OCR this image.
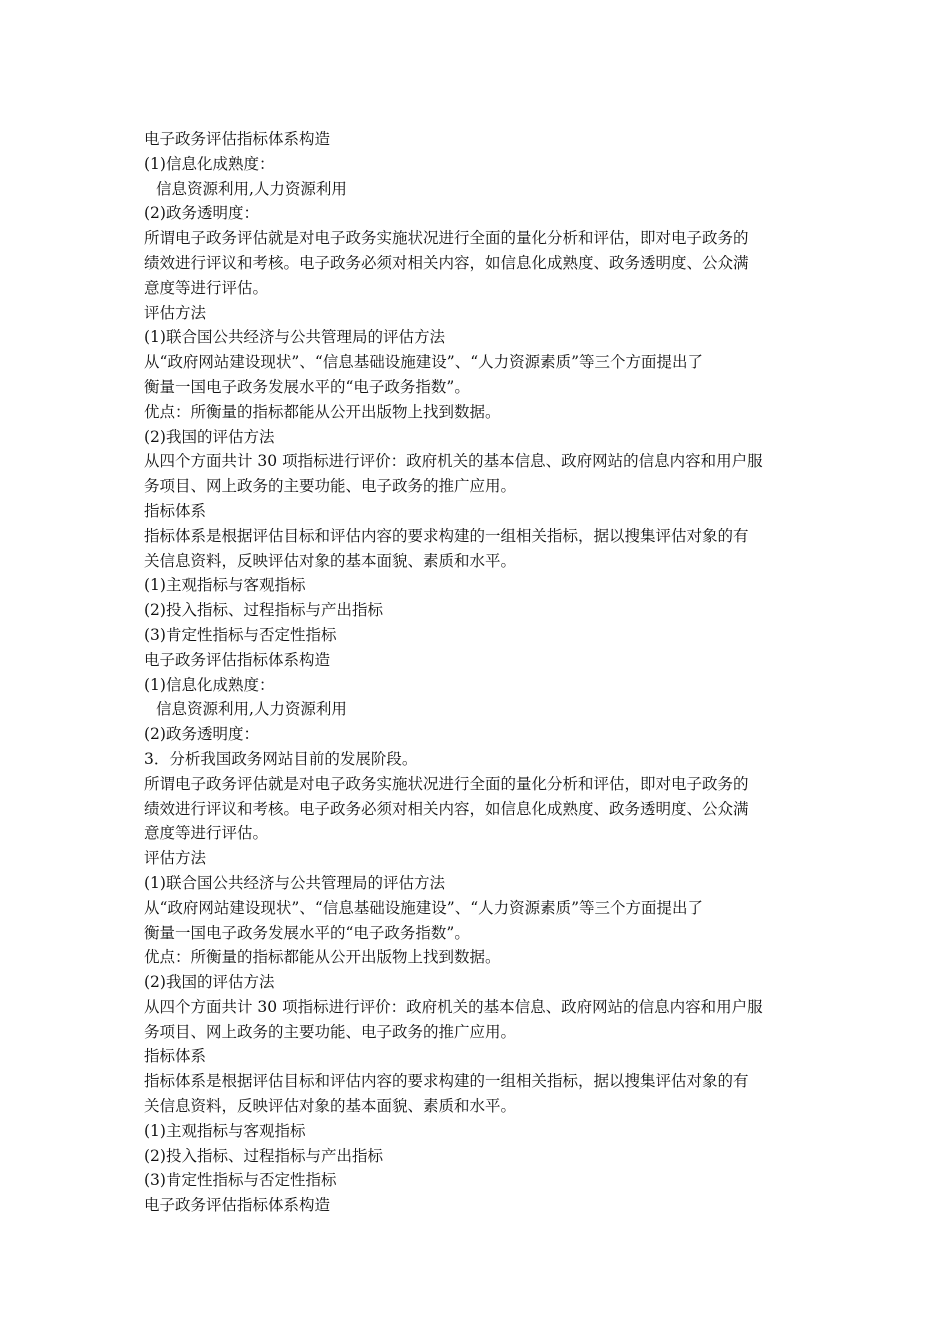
电子政务评估指标体系构造
(1)信息化成熟度：
信息资源利用,人力资源利用
(2)政务透明度：
所谓电子政务评估就是对电子政务实施状况进行全面的量化分析和评估，即对电子政务的
绩效进行评议和考核。电子政务必须对相关内容，如信息化成熟度、政务透明度、公众满
意度等进行评估。
评估方法
(1)联合国公共经济与公共管理局的评估方法
从“政府网站建设现状”、“信息基础设施建设”、“人力资源素质”等三个方面提出了
衡量一国电子政务发展水平的“电子政务指数”。
优点：所衡量的指标都能从公开出版物上找到数据。
(2)我国的评估方法
从四个方面共计 30 项指标进行评价：政府机关的基本信息、政府网站的信息内容和用户服
务项目、网上政务的主要功能、电子政务的推广应用。
指标体系
指标体系是根据评估目标和评估内容的要求构建的一组相关指标，据以搜集评估对象的有
关信息资料，反映评估对象的基本面貌、素质和水平。
(1)主观指标与客观指标
(2)投入指标、过程指标与产出指标
(3)肯定性指标与否定性指标
电子政务评估指标体系构造
(1)信息化成熟度：
信息资源利用,人力资源利用
(2)政务透明度：
3．分析我国政务网站目前的发展阶段。
所谓电子政务评估就是对电子政务实施状况进行全面的量化分析和评估，即对电子政务的
绩效进行评议和考核。电子政务必须对相关内容，如信息化成熟度、政务透明度、公众满
意度等进行评估。
评估方法
(1)联合国公共经济与公共管理局的评估方法
从“政府网站建设现状”、“信息基础设施建设”、“人力资源素质”等三个方面提出了
衡量一国电子政务发展水平的“电子政务指数”。
优点：所衡量的指标都能从公开出版物上找到数据。
(2)我国的评估方法
从四个方面共计 30 项指标进行评价：政府机关的基本信息、政府网站的信息内容和用户服
务项目、网上政务的主要功能、电子政务的推广应用。
指标体系
指标体系是根据评估目标和评估内容的要求构建的一组相关指标，据以搜集评估对象的有
关信息资料，反映评估对象的基本面貌、素质和水平。
(1)主观指标与客观指标
(2)投入指标、过程指标与产出指标
(3)肯定性指标与否定性指标
电子政务评估指标体系构造
